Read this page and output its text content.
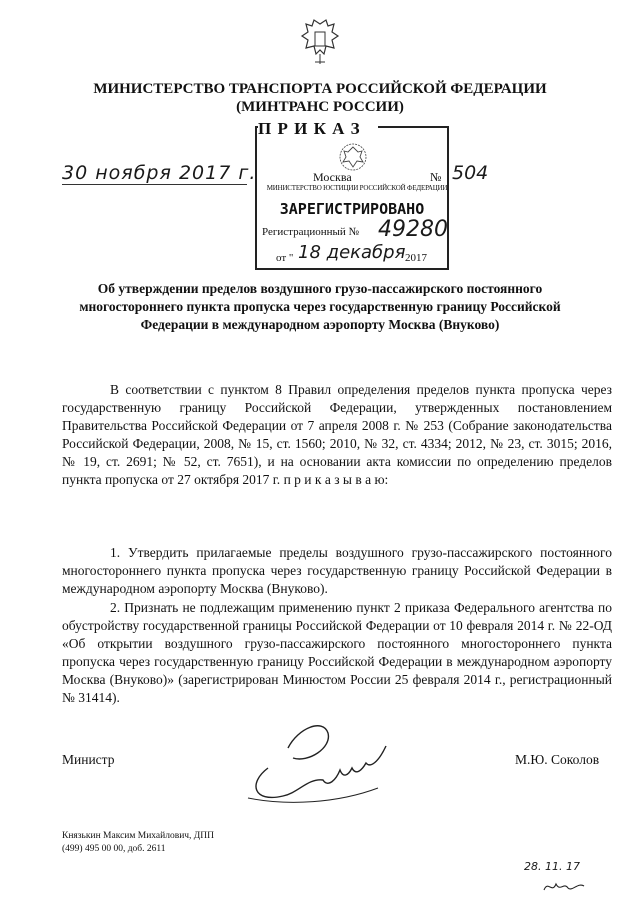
МИНИСТЕРСТВО ТРАНСПОРТА РОССИЙСКОЙ ФЕДЕРАЦИИ
(МИНТРАНС РОССИИ)
П Р И К А З
Москва	№ 504
30 ноября 2017 г.
МИНИСТЕРСТВО ЮСТИЦИИ РОССИЙСКОЙ ФЕДЕРАЦИИ
ЗАРЕГИСТРИРОВАНО
Регистрационный № 49280
от " 18 декабря 2017
Об утверждении пределов воздушного грузо-пассажирского постоянного многостороннего пункта пропуска через государственную границу Российской Федерации в международном аэропорту Москва (Внуково)
В соответствии с пунктом 8 Правил определения пределов пункта пропуска через государственную границу Российской Федерации, утвержденных постановлением Правительства Российской Федерации от 7 апреля 2008 г. № 253 (Собрание законодательства Российской Федерации, 2008, № 15, ст. 1560; 2010, № 32, ст. 4334; 2012, № 23, ст. 3015; 2016, № 19, ст. 2691; № 52, ст. 7651), и на основании акта комиссии по определению пределов пункта пропуска от 27 октября 2017 г. п р и к а з ы в а ю:
1. Утвердить прилагаемые пределы воздушного грузо-пассажирского постоянного многостороннего пункта пропуска через государственную границу Российской Федерации в международном аэропорту Москва (Внуково).
2. Признать не подлежащим применению пункт 2 приказа Федерального агентства по обустройству государственной границы Российской Федерации от 10 февраля 2014 г. № 22-ОД «Об открытии воздушного грузо-пассажирского постоянного многостороннего пункта пропуска через государственную границу Российской Федерации в международном аэропорту Москва (Внуково)» (зарегистрирован Минюстом России 25 февраля 2014 г., регистрационный № 31414).
Министр	М.Ю. Соколов
Князькин Максим Михайлович, ДПП
(499) 495 00 00, доб. 2611
28. 11. 17
